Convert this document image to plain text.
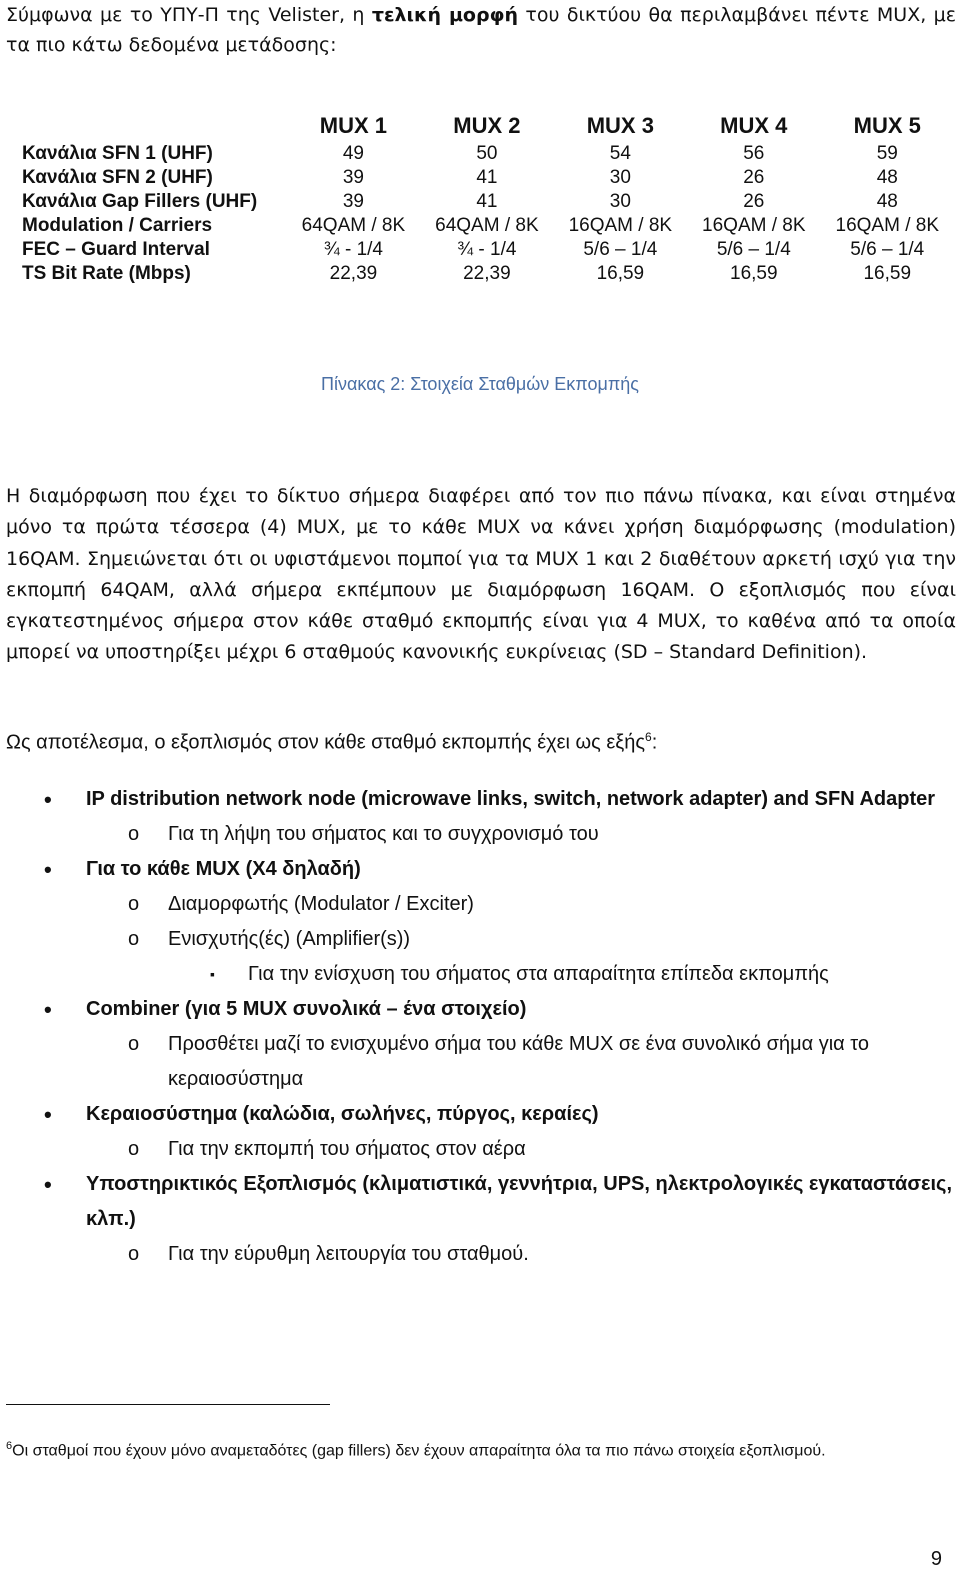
Σύμφωνα με το ΥΠΥ-Π της Velister, η τελική μορφή του δικτύου θα περιλαμβάνει πέντε MUX, με τα πιο κάτω δεδομένα μετάδοσης:

	MUX 1	MUX 2	MUX 3	MUX 4	MUX 5
Κανάλια SFN 1 (UHF)	49	50	54	56	59
Κανάλια SFN 2 (UHF)	39	41	30	26	48
Κανάλια Gap Fillers (UHF)	39	41	30	26	48
Modulation / Carriers	64QAM / 8K	64QAM / 8K	16QAM / 8K	16QAM / 8K	16QAM / 8K
FEC – Guard Interval	¾ - 1/4	¾ - 1/4	5/6 – 1/4	5/6 – 1/4	5/6 – 1/4
TS Bit Rate (Mbps)	22,39	22,39	16,59	16,59	16,59
Πίνακας 2: Στοιχεία Σταθμών Εκπομπής

Η διαμόρφωση που έχει το δίκτυο σήμερα διαφέρει από τον πιο πάνω πίνακα, και είναι στημένα μόνο τα πρώτα τέσσερα (4) MUX, με το κάθε MUX να κάνει χρήση διαμόρφωσης (modulation) 16QAM. Σημειώνεται ότι οι υφιστάμενοι πομποί για τα MUX 1 και 2 διαθέτουν αρκετή ισχύ για την εκπομπή 64QAM, αλλά σήμερα εκπέμπουν με διαμόρφωση 16QAM. Ο εξοπλισμός που είναι εγκατεστημένος σήμερα στον κάθε σταθμό εκπομπής είναι για 4 MUX, το καθένα από τα οποία μπορεί να υποστηρίξει μέχρι 6 σταθμούς κανονικής ευκρίνειας (SD – Standard Definition).

Ως αποτέλεσμα, ο εξοπλισμός στον κάθε σταθμό εκπομπής έχει ως εξής$^6$:

• IP distribution network node (microwave links, switch, network adapter) and SFN Adapter
o Για τη λήψη του σήματος και το συγχρονισμό του
• Για το κάθε MUX (X4 δηλαδή)
o Διαμορφωτής (Modulator / Exciter)
o Ενισχυτής(ές) (Amplifier(s))
▪ Για την ενίσχυση του σήματος στα απαραίτητα επίπεδα εκπομπής
• Combiner (για 5 MUX συνολικά – ένα στοιχείο)
o Προσθέτει μαζί το ενισχυμένο σήμα του κάθε MUX σε ένα συνολικό σήμα για το κεραιοσύστημα
• Κεραιοσύστημα (καλώδια, σωλήνες, πύργος, κεραίες)
o Για την εκπομπή του σήματος στον αέρα
• Υποστηρικτικός Εξοπλισμός (κλιματιστικά, γεννήτρια, UPS, ηλεκτρολογικές εγκαταστάσεις, κλπ.)
o Για την εύρυθμη λειτουργία του σταθμού.
$^6$Οι σταθμοί που έχουν μόνο αναμεταδότες (gap fillers) δεν έχουν απαραίτητα όλα τα πιο πάνω στοιχεία εξοπλισμού.
9
